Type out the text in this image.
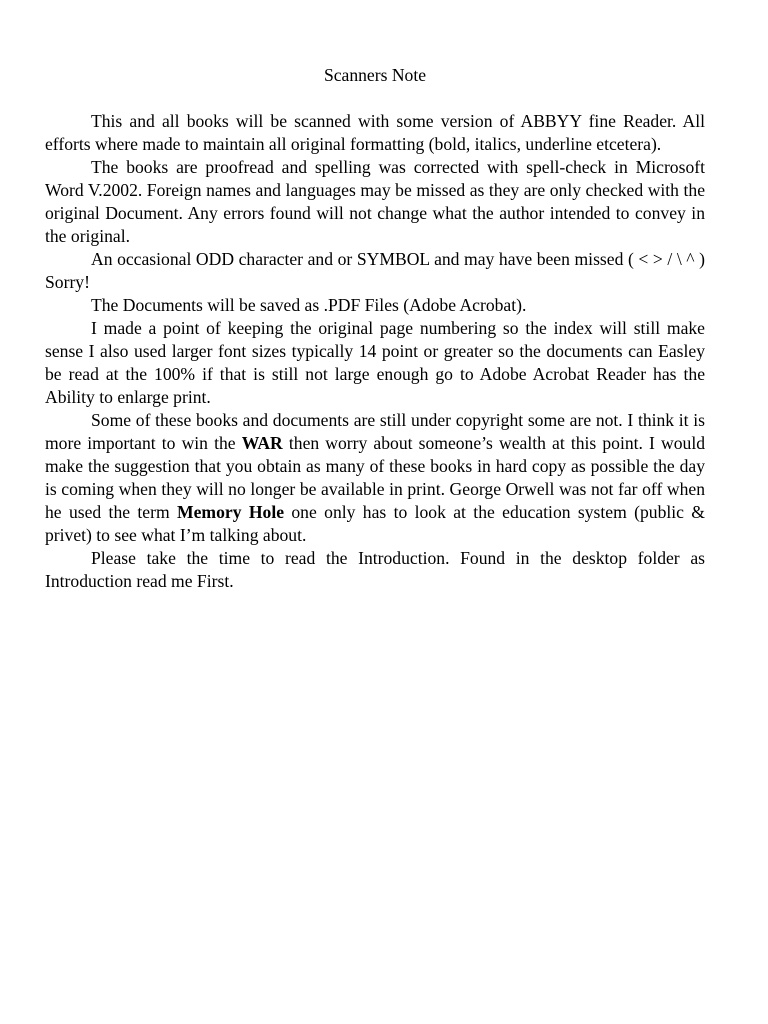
Scanners Note

This and all books will be scanned with some version of ABBYY fine Reader. All efforts where made to maintain all original formatting (bold, italics, underline etcetera).

The books are proofread and spelling was corrected with spell-check in Microsoft Word V.2002. Foreign names and languages may be missed as they are only checked with the original Document. Any errors found will not change what the author intended to convey in the original.

An occasional ODD character and or SYMBOL and may have been missed ( < > / \ ^ ) Sorry!

The Documents will be saved as .PDF Files (Adobe Acrobat).

I made a point of keeping the original page numbering so the index will still make sense I also used larger font sizes typically 14 point or greater so the documents can Easley be read at the 100% if that is still not large enough go to Adobe Acrobat Reader has the Ability to enlarge print.

Some of these books and documents are still under copyright some are not. I think it is more important to win the WAR then worry about someone’s wealth at this point. I would make the suggestion that you obtain as many of these books in hard copy as possible the day is coming when they will no longer be available in print. George Orwell was not far off when he used the term Memory Hole one only has to look at the education system (public & privet) to see what I’m talking about.

Please take the time to read the Introduction. Found in the desktop folder as Introduction read me First.
